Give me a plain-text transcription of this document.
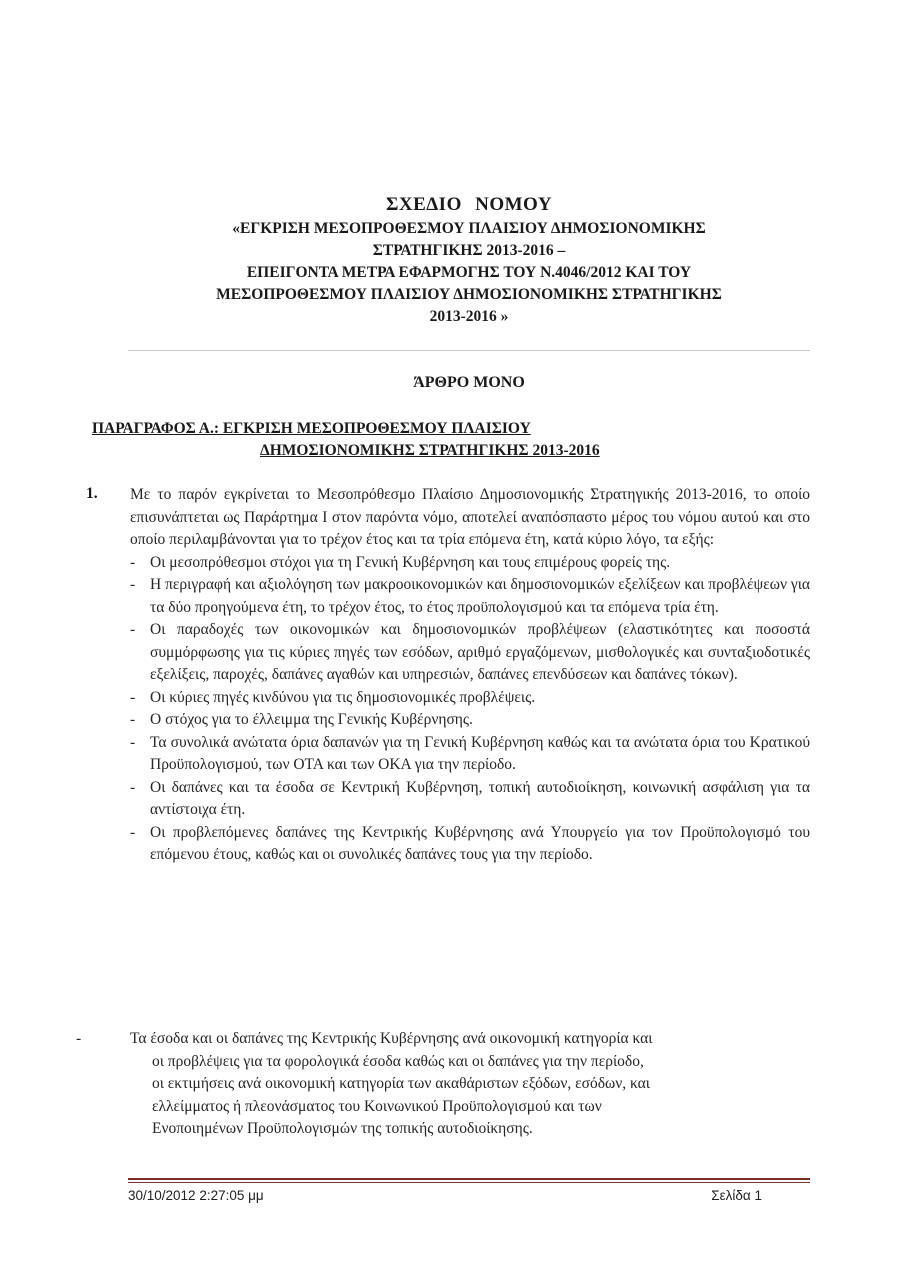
ΣΧΕΔΙΟ ΝΟΜΟΥ

«ΕΓΚΡΙΣΗ ΜΕΣΟΠΡΟΘΕΣΜΟΥ ΠΛΑΙΣΙΟΥ ΔΗΜΟΣΙΟΝΟΜΙΚΗΣ

ΣΤΡΑΤΗΓΙΚΗΣ 2013-2016 –

ΕΠΕΙΓΟΝΤΑ ΜΕΤΡΑ ΕΦΑΡΜΟΓΗΣ ΤΟΥ Ν.4046/2012 ΚΑΙ ΤΟΥ

ΜΕΣΟΠΡΟΘΕΣΜΟΥ ΠΛΑΙΣΙΟΥ ΔΗΜΟΣΙΟΝΟΜΙΚΗΣ ΣΤΡΑΤΗΓΙΚΗΣ

2013-2016 »

ΆΡΘΡΟ ΜΟΝΟ
ΠΑΡΑΓΡΑΦΟΣ Α.: ΕΓΚΡΙΣΗ ΜΕΣΟΠΡΟΘΕΣΜΟΥ ΠΛΑΙΣΙΟΥ
ΔΗΜΟΣΙΟΝΟΜΙΚΗΣ ΣΤΡΑΤΗΓΙΚΗΣ 2013-2016
1. Με το παρόν εγκρίνεται το Μεσοπρόθεσμο Πλαίσιο Δημοσιονομικής Στρατηγικής 2013-2016, το οποίο επισυνάπτεται ως Παράρτημα Ι στον παρόντα νόμο, αποτελεί αναπόσπαστο μέρος του νόμου αυτού και στο οποίο περιλαμβάνονται για το τρέχον έτος και τα τρία επόμενα έτη, κατά κύριο λόγο, τα εξής:

- Οι μεσοπρόθεσμοι στόχοι για τη Γενική Κυβέρνηση και τους επιμέρους φορείς της.
- Η περιγραφή και αξιολόγηση των μακροοικονομικών και δημοσιονομικών εξελίξεων και προβλέψεων για τα δύο προηγούμενα έτη, το τρέχον έτος, το έτος προϋπολογισμού και τα επόμενα τρία έτη.
- Οι παραδοχές των οικονομικών και δημοσιονομικών προβλέψεων (ελαστικότητες και ποσοστά συμμόρφωσης για τις κύριες πηγές των εσόδων, αριθμό εργαζόμενων, μισθολογικές και συνταξιοδοτικές εξελίξεις, παροχές, δαπάνες αγαθών και υπηρεσιών, δαπάνες επενδύσεων και δαπάνες τόκων).
- Οι κύριες πηγές κινδύνου για τις δημοσιονομικές προβλέψεις.
- Ο στόχος για το έλλειμμα της Γενικής Κυβέρνησης.
- Τα συνολικά ανώτατα όρια δαπανών για τη Γενική Κυβέρνηση καθώς και τα ανώτατα όρια του Κρατικού Προϋπολογισμού, των ΟΤΑ και των ΟΚΑ για την περίοδο.
- Οι δαπάνες και τα έσοδα σε Κεντρική Κυβέρνηση, τοπική αυτοδιοίκηση, κοινωνική ασφάλιση για τα αντίστοιχα έτη.
- Οι προβλεπόμενες δαπάνες της Κεντρικής Κυβέρνησης ανά Υπουργείο για τον Προϋπολογισμό του επόμενου έτους, καθώς και οι συνολικές δαπάνες τους για την περίοδο.
-	Τα έσοδα και οι δαπάνες της Κεντρικής Κυβέρνησης ανά οικονομική κατηγορία και
οι προβλέψεις για τα φορολογικά έσοδα καθώς και οι δαπάνες για την περίοδο,
οι εκτιμήσεις ανά οικονομική κατηγορία των ακαθάριστων εξόδων, εσόδων, και
ελλείμματος ή πλεονάσματος του Κοινωνικού Προϋπολογισμού και των
Ενοποιημένων Προϋπολογισμών της τοπικής αυτοδιοίκησης.
30/10/2012 2:27:05 μμ	Σελίδα 1
